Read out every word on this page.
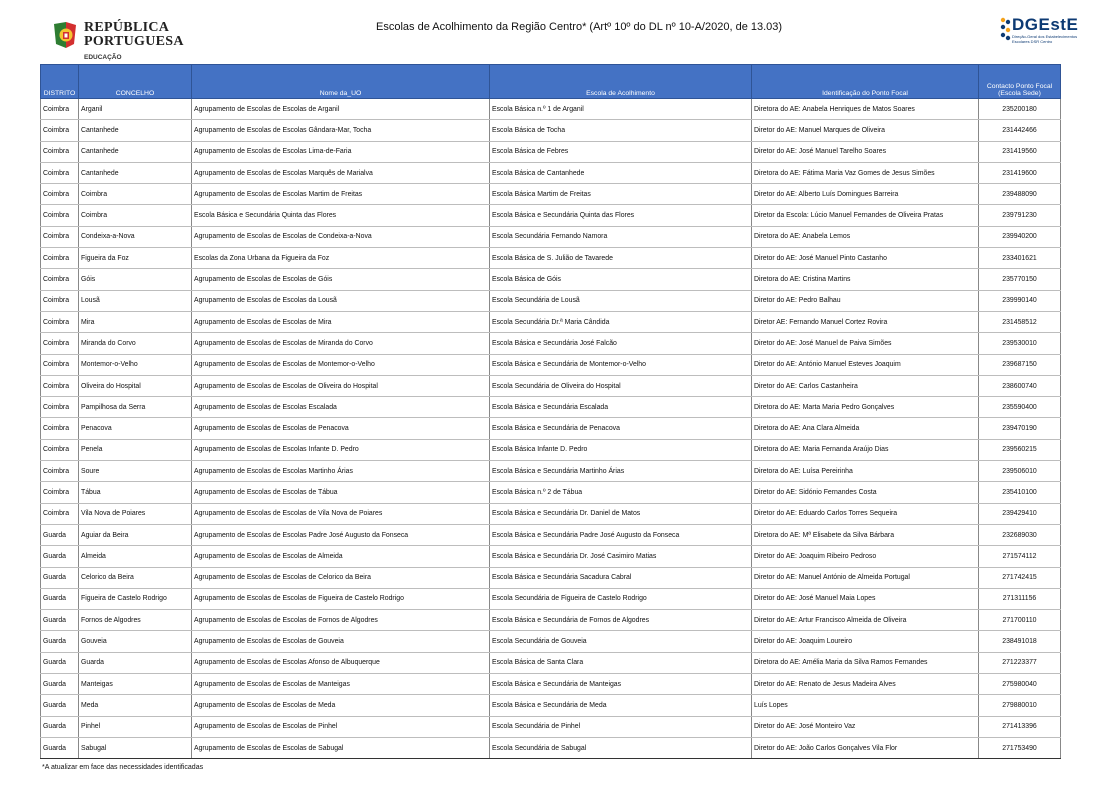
REPÚBLICA
PORTUGUESA
EDUCAÇÃO
Escolas de Acolhimento da Região Centro* (Artº 10º do DL nº 10-A/2020, de 13.03)	DGEstE
Direção-Geral dos Estabelecimentos Escolares DSR Centro
DISTRITO	CONCELHO	Nome da_UO	Escola de Acolhimento	Identificação do Ponto Focal	Contacto Ponto Focal
(Escola Sede)

Coimbra	Arganil	Agrupamento de Escolas de Escolas de Arganil	Escola Básica n.º 1 de Arganil	Diretora do AE: Anabela Henriques de Matos Soares	235200180
Coimbra	Cantanhede	Agrupamento de Escolas de Escolas Gândara-Mar, Tocha	Escola Básica de Tocha	Diretor do AE: Manuel Marques de Oliveira	231442466
Coimbra	Cantanhede	Agrupamento de Escolas de Escolas Lima-de-Faria	Escola Básica de Febres	Diretor do AE: José Manuel Tarelho Soares	231419560
Coimbra	Cantanhede	Agrupamento de Escolas de Escolas Marquês de Marialva	Escola Básica de Cantanhede	Diretora do AE: Fátima Maria Vaz Gomes de Jesus Simões	231419600
Coimbra	Coimbra	Agrupamento de Escolas de Escolas Martim de Freitas	Escola Básica Martim de Freitas	Diretor do AE: Alberto Luís Domingues Barreira	239488090
Coimbra	Coimbra	Escola Básica e Secundária Quinta das Flores	Escola Básica e Secundária Quinta das Flores	Diretor da Escola: Lúcio Manuel Fernandes de Oliveira Pratas	239791230
Coimbra	Condeixa-a-Nova	Agrupamento de Escolas de Escolas de Condeixa-a-Nova	Escola Secundária Fernando Namora	Diretora do AE: Anabela Lemos	239940200
Coimbra	Figueira da Foz	Escolas da Zona Urbana da Figueira da Foz	Escola Básica de S. Julião de Tavarede	Diretor do AE: José Manuel Pinto Castanho	233401621
Coimbra	Góis	Agrupamento de Escolas de Escolas de Góis	Escola Básica de Góis	Diretora do AE: Cristina Martins	235770150
Coimbra	Lousã	Agrupamento de Escolas de Escolas da Lousã	Escola Secundária de Lousã	Diretor do AE: Pedro Balhau	239990140
Coimbra	Mira	Agrupamento de Escolas de Escolas de Mira	Escola Secundária Dr.ª Maria Cândida	Diretor AE: Fernando Manuel Cortez Rovira	231458512
Coimbra	Miranda do Corvo	Agrupamento de Escolas de Escolas de Miranda do Corvo	Escola Básica e Secundária José Falcão	Diretor do AE: José Manuel de Paiva Simões	239530010
Coimbra	Montemor-o-Velho	Agrupamento de Escolas de Escolas de Montemor-o-Velho	Escola Básica e Secundária de Montemor-o-Velho	Diretor do AE: António Manuel Esteves Joaquim	239687150
Coimbra	Oliveira do Hospital	Agrupamento de Escolas de Escolas de Oliveira do Hospital	Escola Secundária de Oliveira do Hospital	Diretor do AE: Carlos Castanheira	238600740
Coimbra	Pampilhosa da Serra	Agrupamento de Escolas de Escolas Escalada	Escola Básica e Secundária Escalada	Diretora do AE: Marta Maria Pedro Gonçalves	235590400
Coimbra	Penacova	Agrupamento de Escolas de Escolas de Penacova	Escola Básica e Secundária de Penacova	Diretora do AE: Ana Clara Almeida	239470190
Coimbra	Penela	Agrupamento de Escolas de Escolas Infante D. Pedro	Escola Básica Infante D. Pedro	Diretora do AE: Maria Fernanda Araújo Dias	239560215
Coimbra	Soure	Agrupamento de Escolas de Escolas Martinho Árias	Escola Básica e Secundária Martinho Árias	Diretora do AE: Luísa Pereirinha	239506010
Coimbra	Tábua	Agrupamento de Escolas de Escolas de Tábua	Escola Básica n.º 2 de Tábua	Diretor do AE: Sidónio Fernandes Costa	235410100
Coimbra	Vila Nova de Poiares	Agrupamento de Escolas de Escolas de Vila Nova de Poiares	Escola Básica e Secundária Dr. Daniel de Matos	Diretor do AE: Eduardo Carlos Torres Sequeira	239429410
Guarda	Aguiar da Beira	Agrupamento de Escolas de Escolas Padre José Augusto da Fonseca	Escola Básica e Secundária Padre José Augusto da Fonseca	Diretora do AE: Mª Elisabete da Silva Bárbara	232689030
Guarda	Almeida	Agrupamento de Escolas de Escolas de Almeida	Escola Básica e Secundária Dr. José Casimiro Matias	Diretor do AE: Joaquim Ribeiro Pedroso	271574112
Guarda	Celorico da Beira	Agrupamento de Escolas de Escolas de Celorico da Beira	Escola Básica e Secundária Sacadura Cabral	Diretor do AE: Manuel António de Almeida Portugal	271742415
Guarda	Figueira de Castelo Rodrigo	Agrupamento de Escolas de Escolas de Figueira de Castelo Rodrigo	Escola Secundária de Figueira de Castelo Rodrigo	Diretor do AE: José Manuel Maia Lopes	271311156
Guarda	Fornos de Algodres	Agrupamento de Escolas de Escolas de Fornos de Algodres	Escola Básica e Secundária de Fornos de Algodres	Diretor do AE: Artur Francisco Almeida de Oliveira	271700110
Guarda	Gouveia	Agrupamento de Escolas de Escolas de Gouveia	Escola Secundária de Gouveia	Diretor do AE: Joaquim Loureiro	238491018
Guarda	Guarda	Agrupamento de Escolas de Escolas Afonso de Albuquerque	Escola Básica de Santa Clara	Diretora do AE: Amélia Maria da Silva Ramos Fernandes	271223377
Guarda	Manteigas	Agrupamento de Escolas de Escolas de Manteigas	Escola Básica e Secundária de Manteigas	Diretor do AE: Renato de Jesus Madeira Alves	275980040
Guarda	Meda	Agrupamento de Escolas de Escolas de Meda	Escola Básica e Secundária de Meda	Luís Lopes	279880010
Guarda	Pinhel	Agrupamento de Escolas de Escolas de Pinhel	Escola Secundária de Pinhel	Diretor do AE: José Monteiro Vaz	271413396
Guarda	Sabugal	Agrupamento de Escolas de Escolas de Sabugal	Escola Secundária de Sabugal	Diretor do AE: João Carlos Gonçalves Vila Flor	271753490
*A atualizar em face das necessidades identificadas
